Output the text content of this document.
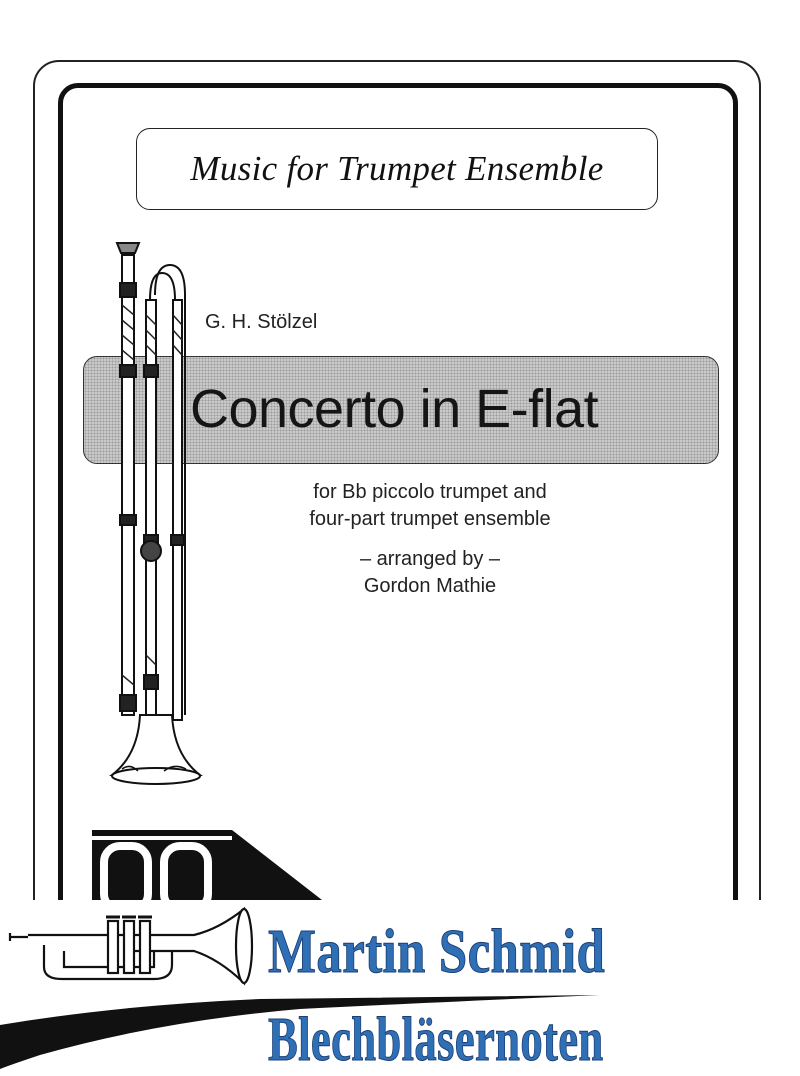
Music for Trumpet Ensemble
G. H. Stölzel
Concerto in E-flat
for Bb piccolo trumpet and
four-part trumpet ensemble
– arranged by –
Gordon Mathie
Martin Schmid
Blechbläsernoten
